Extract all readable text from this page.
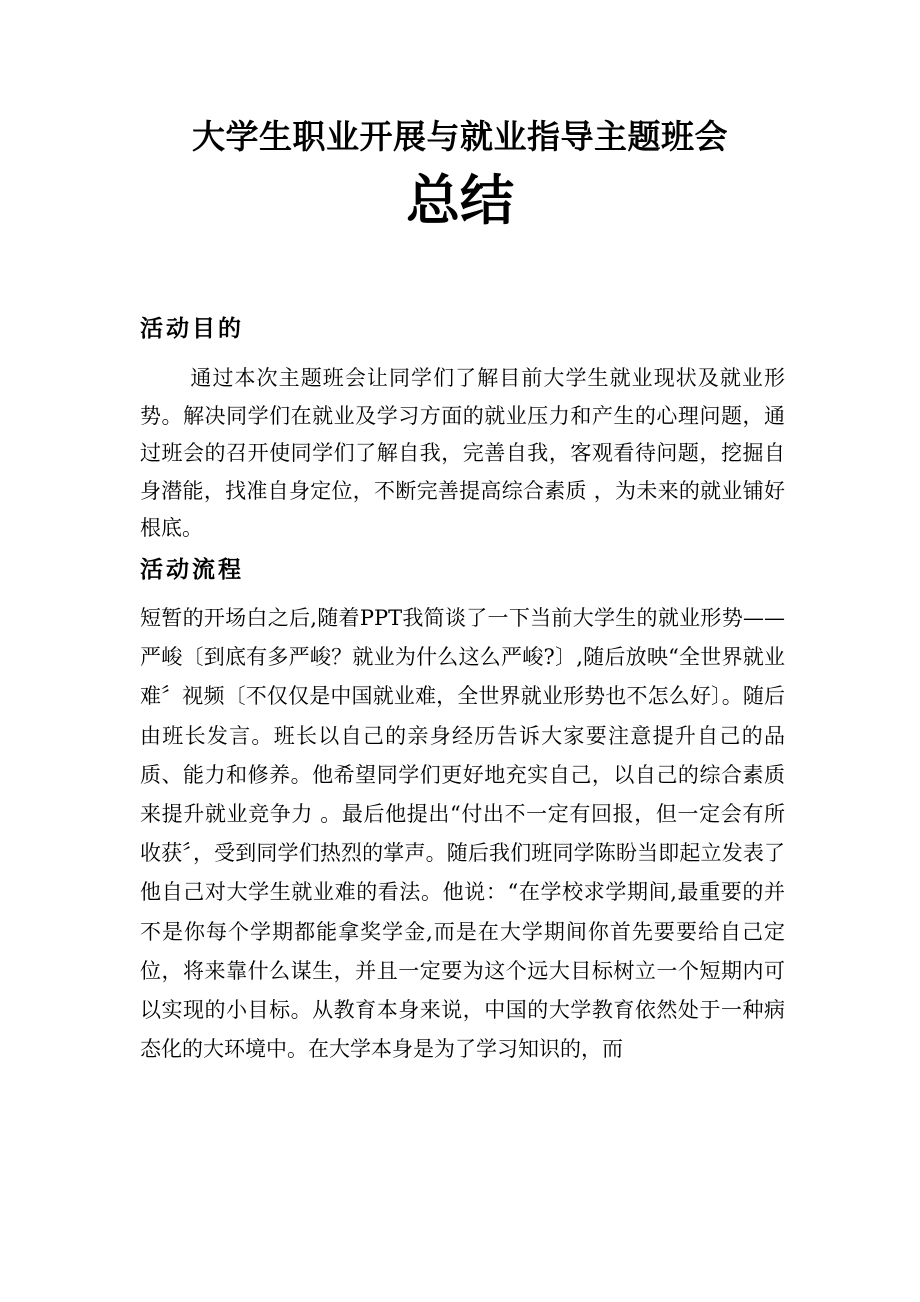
大学生职业开展与就业指导主题班会
总结
活动目的

通过本次主题班会让同学们了解目前大学生就业现状及就业形势。解决同学们在就业及学习方面的就业压力和产生的心理问题，通过班会的召开使同学们了解自我，完善自我，客观看待问题，挖掘自身潜能，找准自身定位，不断完善提高综合素质 ，为未来的就业铺好根底。

活动流程

短暂的开场白之后,随着PPT我简谈了一下当前大学生的就业形势——严峻〔到底有多严峻？就业为什么这么严峻?〕,随后放映“全世界就业难〞视频〔不仅仅是中国就业难，全世界就业形势也不怎么好〕。随后由班长发言。班长以自己的亲身经历告诉大家要注意提升自己的品质、能力和修养。他希望同学们更好地充实自己，以自己的综合素质来提升就业竞争力 。最后他提出“付出不一定有回报，但一定会有所收获〞，受到同学们热烈的掌声。随后我们班同学陈盼当即起立发表了他自己对大学生就业难的看法。他说：“在学校求学期间,最重要的并不是你每个学期都能拿奖学金,而是在大学期间你首先要要给自己定位，将来靠什么谋生，并且一定要为这个远大目标树立一个短期内可以实现的小目标。从教育本身来说，中国的大学教育依然处于一种病态化的大环境中。在大学本身是为了学习知识的，而
